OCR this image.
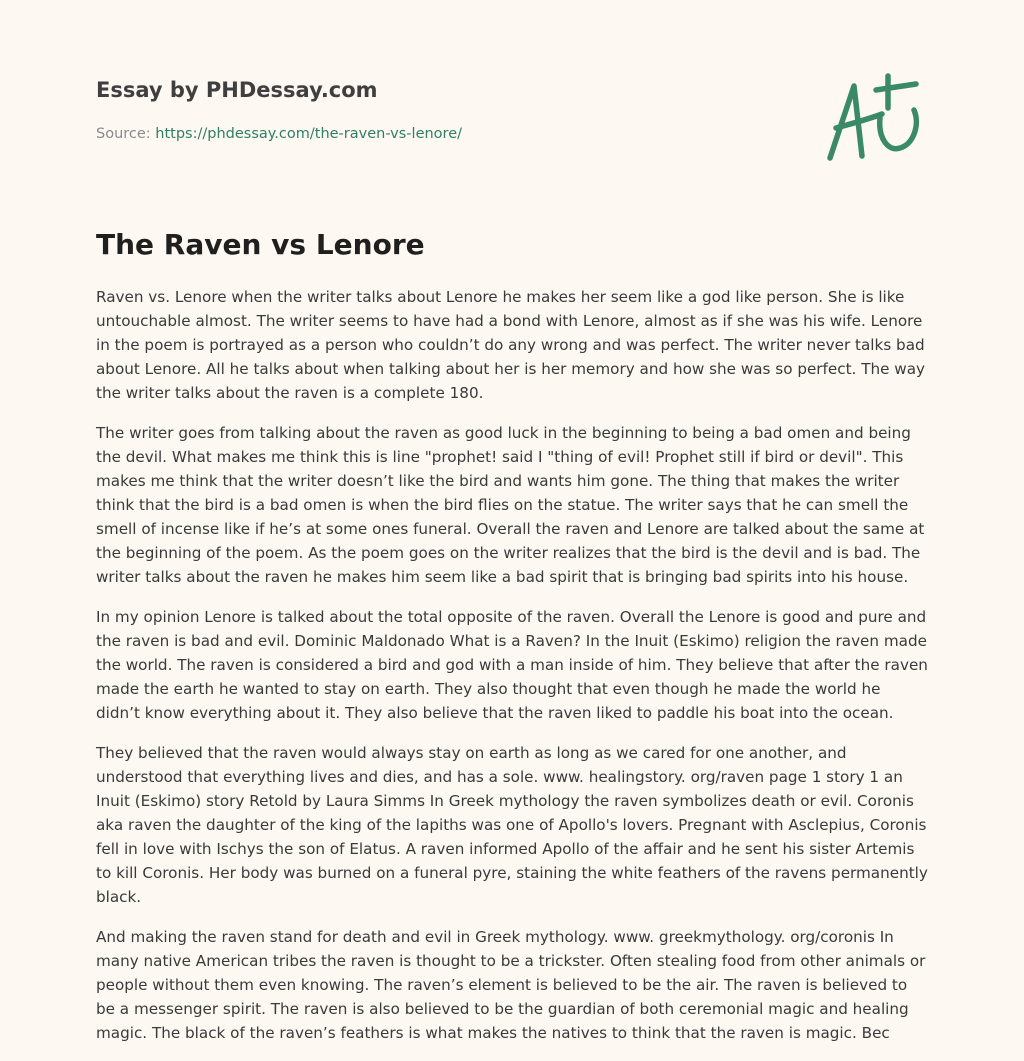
Essay by PHDessay.com
Source: https://phdessay.com/the-raven-vs-lenore/
The Raven vs Lenore

Raven vs. Lenore when the writer talks about Lenore he makes her seem like a god like person. She is like untouchable almost. The writer seems to have had a bond with Lenore, almost as if she was his wife. Lenore in the poem is portrayed as a person who couldn’t do any wrong and was perfect. The writer never talks bad about Lenore. All he talks about when talking about her is her memory and how she was so perfect. The way the writer talks about the raven is a complete 180.

The writer goes from talking about the raven as good luck in the beginning to being a bad omen and being the devil. What makes me think this is line "prophet! said I "thing of evil! Prophet still if bird or devil". This makes me think that the writer doesn’t like the bird and wants him gone. The thing that makes the writer think that the bird is a bad omen is when the bird flies on the statue. The writer says that he can smell the smell of incense like if he’s at some ones funeral. Overall the raven and Lenore are talked about the same at the beginning of the poem. As the poem goes on the writer realizes that the bird is the devil and is bad. The writer talks about the raven he makes him seem like a bad spirit that is bringing bad spirits into his house.

In my opinion Lenore is talked about the total opposite of the raven. Overall the Lenore is good and pure and the raven is bad and evil. Dominic Maldonado What is a Raven? In the Inuit (Eskimo) religion the raven made the world. The raven is considered a bird and god with a man inside of him. They believe that after the raven made the earth he wanted to stay on earth. They also thought that even though he made the world he didn’t know everything about it. They also believe that the raven liked to paddle his boat into the ocean.

They believed that the raven would always stay on earth as long as we cared for one another, and understood that everything lives and dies, and has a sole. www. healingstory. org/raven page 1 story 1 an Inuit (Eskimo) story Retold by Laura Simms In Greek mythology the raven symbolizes death or evil. Coronis aka raven the daughter of the king of the lapiths was one of Apollo's lovers. Pregnant with Asclepius, Coronis fell in love with Ischys the son of Elatus. A raven informed Apollo of the affair and he sent his sister Artemis to kill Coronis. Her body was burned on a funeral pyre, staining the white feathers of the ravens permanently black.

And making the raven stand for death and evil in Greek mythology. www. greekmythology. org/coronis In many native American tribes the raven is thought to be a trickster. Often stealing food from other animals or people without them even knowing. The raven’s element is believed to be the air. The raven is believed to be a messenger spirit. The raven is also believed to be the guardian of both ceremonial magic and healing magic. The black of the raven’s feathers is what makes the natives to think that the raven is magic. Bec
